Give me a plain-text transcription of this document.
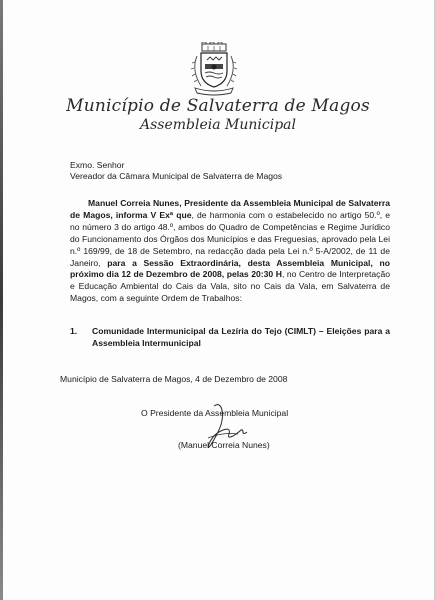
Município de Salvaterra de Magos
Assembleia Municipal
Exmo. Senhor
Vereador da Câmara Municipal de Salvaterra de Magos
Manuel Correia Nunes, Presidente da Assembleia Municipal de Salvaterra de Magos, informa V Exª que, de harmonia com o estabelecido no artigo 50.º, e no número 3 do artigo 48.º, ambos do Quadro de Competências e Regime Jurídico do Funcionamento dos Órgãos dos Municípios e das Freguesias, aprovado pela Lei n.º 169/99, de 18 de Setembro, na redacção dada pela Lei n.º 5-A/2002, de 11 de Janeiro, para a Sessão Extraordinária, desta Assembleia Municipal, no próximo dia 12 de Dezembro de 2008, pelas 20:30 H, no Centro de Interpretação e Educação Ambiental do Cais da Vala, sito no Cais da Vala, em Salvaterra de Magos, com a seguinte Ordem de Trabalhos:
1. Comunidade Intermunicipal da Lezíria do Tejo (CIMLT) – Eleições para a Assembleia Intermunicipal
Município de Salvaterra de Magos, 4 de Dezembro de 2008
O Presidente da Assembleia Municipal
(Manuel Correia Nunes)
